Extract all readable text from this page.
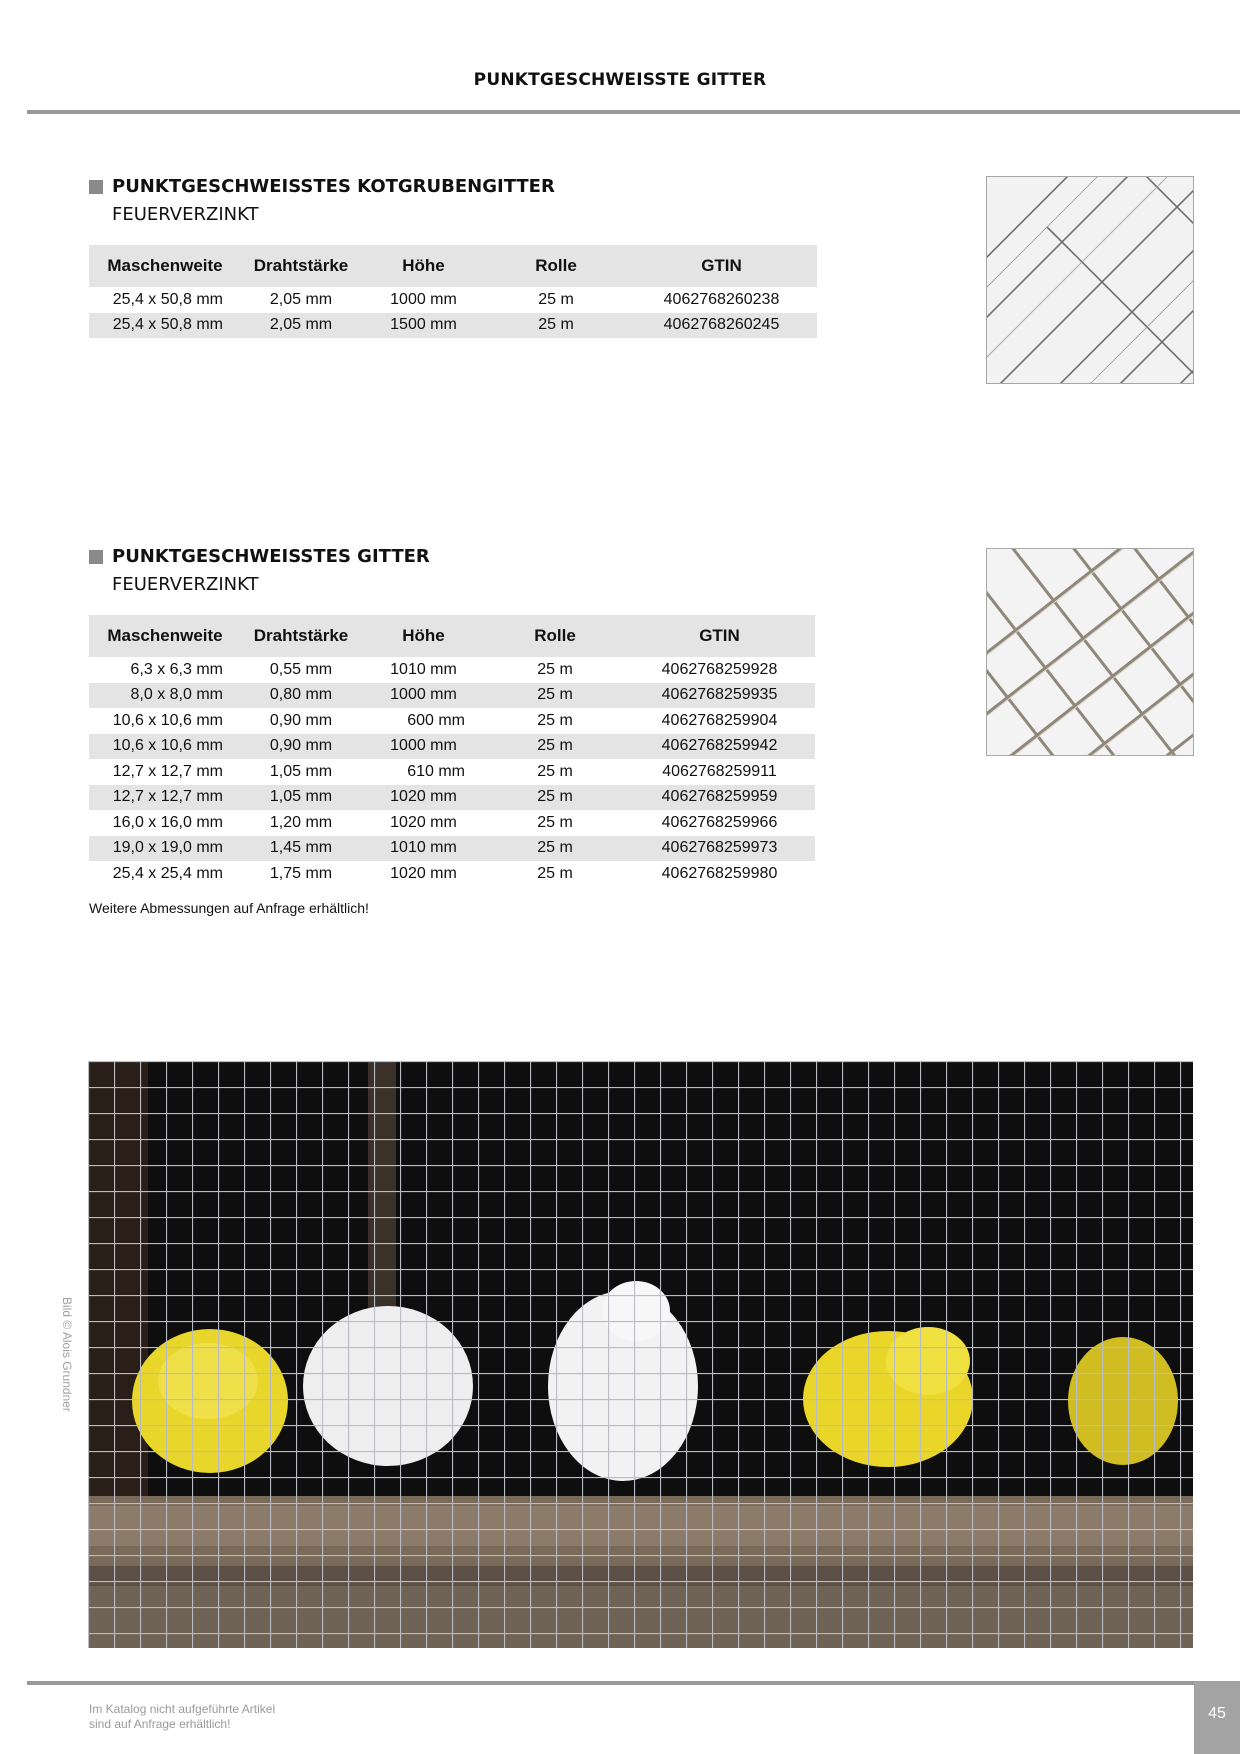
PUNKTGESCHWEISSTE GITTER
PUNKTGESCHWEISSTES KOTGRUBENGITTER
FEUERVERZINKT
Maschenweite	Drahtstärke	Höhe	Rolle	GTIN
25,4 x 50,8 mm	2,05 mm	1000 mm	25 m	4062768260238
25,4 x 50,8 mm	2,05 mm	1500 mm	25 m	4062768260245
PUNKTGESCHWEISSTES GITTER
FEUERVERZINKT
Maschenweite	Drahtstärke	Höhe	Rolle	GTIN
6,3 x 6,3 mm	0,55 mm	1010 mm	25 m	4062768259928
8,0 x 8,0 mm	0,80 mm	1000 mm	25 m	4062768259935
10,6 x 10,6 mm	0,90 mm	600 mm	25 m	4062768259904
10,6 x 10,6 mm	0,90 mm	1000 mm	25 m	4062768259942
12,7 x 12,7 mm	1,05 mm	610 mm	25 m	4062768259911
12,7 x 12,7 mm	1,05 mm	1020 mm	25 m	4062768259959
16,0 x 16,0 mm	1,20 mm	1020 mm	25 m	4062768259966
19,0 x 19,0 mm	1,45 mm	1010 mm	25 m	4062768259973
25,4 x 25,4 mm	1,75 mm	1020 mm	25 m	4062768259980
Weitere Abmessungen auf Anfrage erhältlich!
Bild © Alois Grundner
Im Katalog nicht aufgeführte Artikel
sind auf Anfrage erhältlich!
45
